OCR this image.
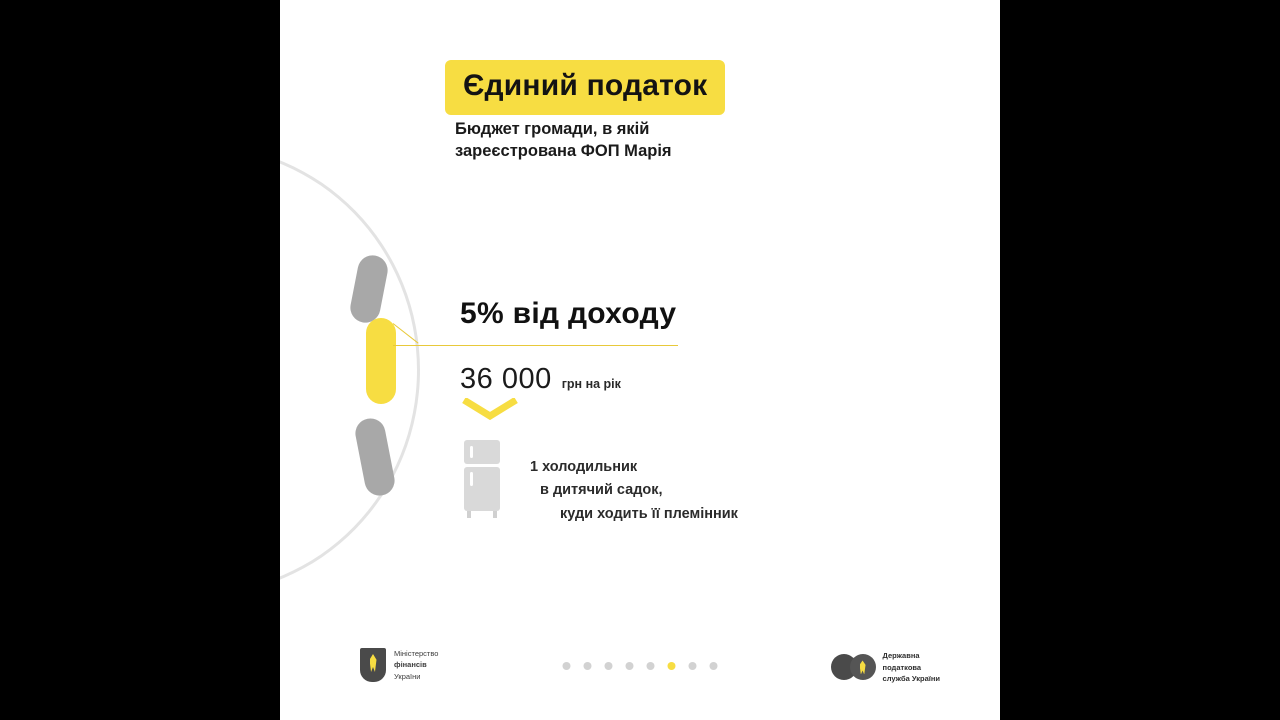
Єдиний податок
Бюджет громади, в якій зареєстрована ФОП Марія
5% від доходу
36 000 грн на рік
1 холодильник
в дитячий садок,
куди ходить її племінник
Міністерство
фінансів
України
Державна
податкова
служба України
